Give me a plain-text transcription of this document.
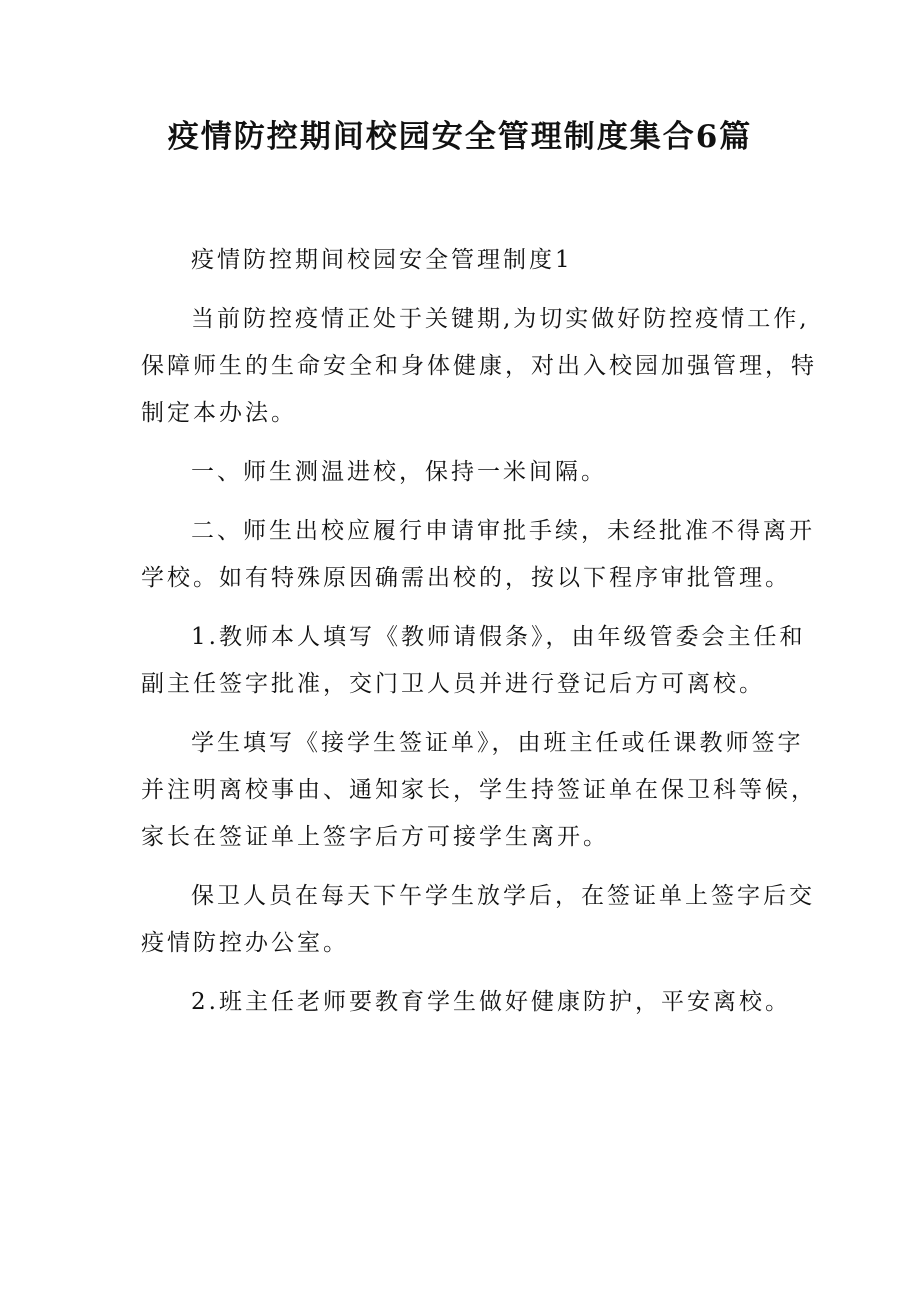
疫情防控期间校园安全管理制度集合6篇
疫情防控期间校园安全管理制度1
当前防控疫情正处于关键期,为切实做好防控疫情工作,
保障师生的生命安全和身体健康，对出入校园加强管理，特
制定本办法。
一、师生测温进校，保持一米间隔。
二、师生出校应履行申请审批手续，未经批准不得离开
学校。如有特殊原因确需出校的，按以下程序审批管理。
1.教师本人填写《教师请假条》，由年级管委会主任和
副主任签字批准，交门卫人员并进行登记后方可离校。
学生填写《接学生签证单》，由班主任或任课教师签字
并注明离校事由、通知家长，学生持签证单在保卫科等候，
家长在签证单上签字后方可接学生离开。
保卫人员在每天下午学生放学后，在签证单上签字后交
疫情防控办公室。
2.班主任老师要教育学生做好健康防护，平安离校。
